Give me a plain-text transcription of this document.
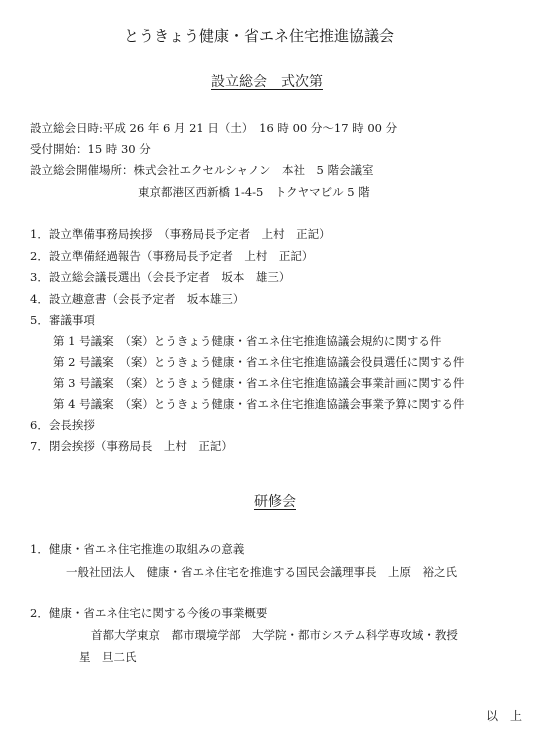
とうきょう健康・省エネ住宅推進協議会
設立総会　式次第
設立総会日時:平成 26 年 6 月 21 日（土）　16 時 00 分～17 時 00 分
受付開始：15 時 30 分
設立総会開催場所：株式会社エクセルシャノン　本社　5 階会議室
東京都港区西新橋 1-4-5　トクヤマビル 5 階
1．設立準備事務局挨拶　（事務局長予定者　上村　正記）
2．設立準備経過報告（事務局長予定者　上村　正記）
3．設立総会議長選出（会長予定者　坂本　雄三）
4．設立趣意書（会長予定者　坂本雄三）
5．審議事項
第 1 号議案　（案）とうきょう健康・省エネ住宅推進協議会規約に関する件
第 2 号議案　（案）とうきょう健康・省エネ住宅推進協議会役員選任に関する件
第 3 号議案　（案）とうきょう健康・省エネ住宅推進協議会事業計画に関する件
第 4 号議案　（案）とうきょう健康・省エネ住宅推進協議会事業予算に関する件
6．会長挨拶
7．閉会挨拶（事務局長　上村　正記）
研修会
1．健康・省エネ住宅推進の取組みの意義
一般社団法人　健康・省エネ住宅を推進する国民会議理事長　上原　裕之氏
2．健康・省エネ住宅に関する今後の事業概要
首都大学東京　都市環境学部　大学院・都市システム科学専攻域・教授
星　旦二氏
以　上
